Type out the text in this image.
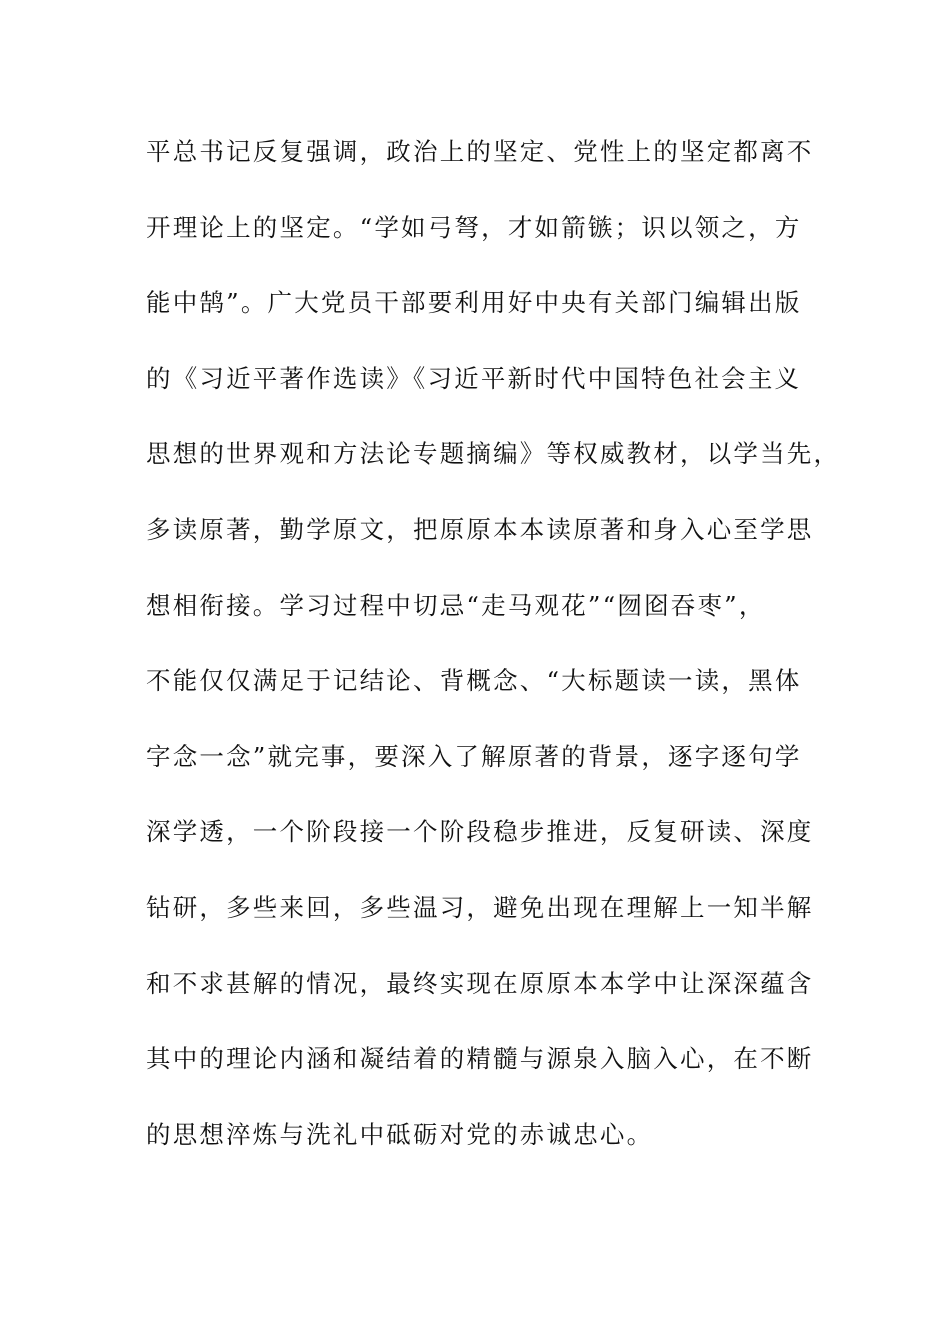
平总书记反复强调，政治上的坚定、党性上的坚定都离不
开理论上的坚定。“学如弓弩，才如箭镞；识以领之，方
能中鹄”。广大党员干部要利用好中央有关部门编辑出版
的《习近平著作选读》《习近平新时代中国特色社会主义
思想的世界观和方法论专题摘编》等权威教材，以学当先，
多读原著，勤学原文，把原原本本读原著和身入心至学思
想相衔接。学习过程中切忌“走马观花”“囫囵吞枣”，
不能仅仅满足于记结论、背概念、“大标题读一读，黑体
字念一念”就完事，要深入了解原著的背景，逐字逐句学
深学透，一个阶段接一个阶段稳步推进，反复研读、深度
钻研，多些来回，多些温习，避免出现在理解上一知半解
和不求甚解的情况，最终实现在原原本本学中让深深蕴含
其中的理论内涵和凝结着的精髓与源泉入脑入心，在不断
的思想淬炼与洗礼中砥砺对党的赤诚忠心。
